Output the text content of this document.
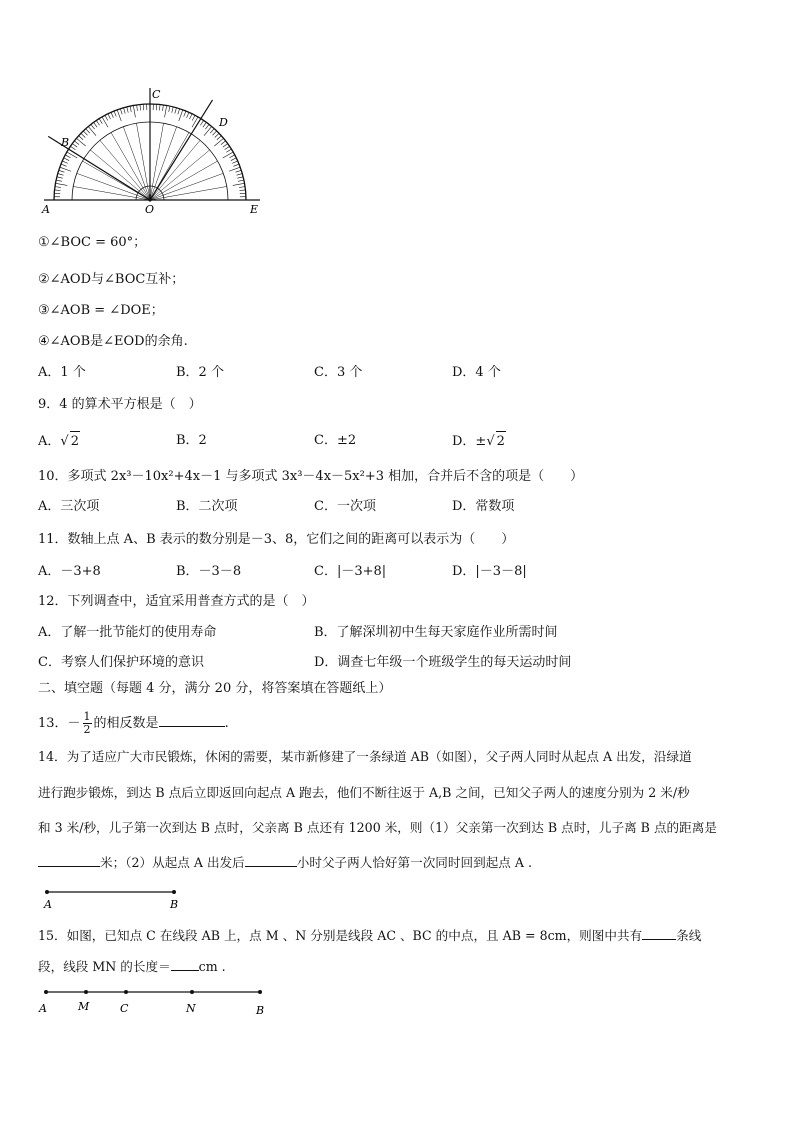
C
D
B
A	O	E
①∠BOC = 60°；
②∠AOD与∠BOC互补；
③∠AOB = ∠DOE；
④∠AOB是∠EOD的余角.
A．1 个	B．2 个	C．3 个	D．4 个
9．4 的算术平方根是（　）
A．√ 2	B．2	C．±2	D．±√ 2
10．多项式 2x³－10x²+4x－1 与多项式 3x³－4x－5x²+3 相加，合并后不含的项是（　　）
A．三次项	B．二次项	C．一次项	D．常数项
11．数轴上点 A、B 表示的数分别是－3、8，它们之间的距离可以表示为（　　）
A．－3+8	B．－3－8	C．|－3+8|	D．|－3－8|
12．下列调查中，适宜采用普查方式的是（　）
A．了解一批节能灯的使用寿命	B．了解深圳初中生每天家庭作业所需时间
C．考察人们保护环境的意识	D．调查七年级一个班级学生的每天运动时间
二、填空题（每题 4 分，满分 20 分，将答案填在答题纸上）
13．－ $\frac{1}{2}$ 的相反数是	.
14．为了适应广大市民锻炼，休闲的需要，某市新修建了一条绿道 AB（如图），父子两人同时从起点 A 出发，沿绿道
进行跑步锻炼，到达 B 点后立即返回向起点 A 跑去，他们不断往返于 A,B 之间，已知父子两人的速度分别为 2 米/秒
和 3 米/秒，儿子第一次到达 B 点时，父亲离 B 点还有 1200 米，则（1）父亲第一次到达 B 点时，儿子离 B 点的距离是
米；（2）从起点 A 出发后	小时父子两人恰好第一次同时回到起点 A .
A	B
15．如图，已知点 C 在线段 AB 上，点 M 、N 分别是线段 AC 、BC 的中点，且 AB = 8cm，则图中共有	条线
段，线段 MN 的长度＝ cm .
A	M	C	N	B
